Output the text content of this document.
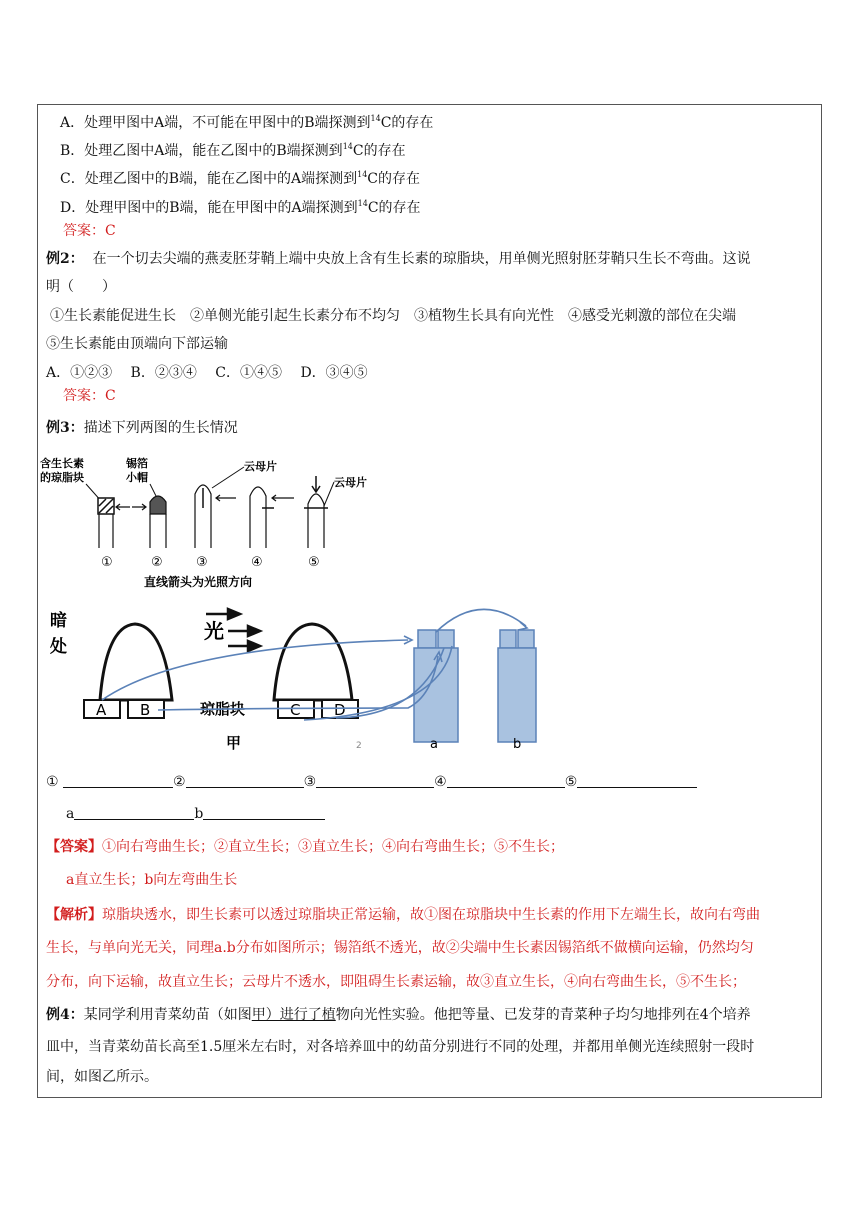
A．处理甲图中A端，不可能在甲图中的B端探测到$^{14}$C的存在
B．处理乙图中A端，能在乙图中的B端探测到$^{14}$C的存在
C．处理乙图中的B端，能在乙图中的A端探测到$^{14}$C的存在
D．处理甲图中的B端，能在甲图中的A端探测到$^{14}$C的存在
答案：C
例2： 在一个切去尖端的燕麦胚芽鞘上端中央放上含有生长素的琼脂块，用单侧光照射胚芽鞘只生长不弯曲。这说
明（　　）
①生长素能促进生长　②单侧光能引起生长素分布不均匀　③植物生长具有向光性　④感受光刺激的部位在尖端
⑤生长素能由顶端向下部运输
A．①②③　 B．②③④　 C．①④⑤　 D．③④⑤
答案：C
例3：描述下列两图的生长情况
含生长素
的琼脂块
锡箔
小帽
云母片
云母片
①	②	③	④	⑤
直线箭头为光照方向
暗
处
A B
光
C D
琼脂块
甲	2	a	b
①	②	③	④	⑤
a	b
【答案】①向右弯曲生长；②直立生长；③直立生长；④向右弯曲生长；⑤不生长；
a直立生长；b向左弯曲生长
【解析】琼脂块透水，即生长素可以透过琼脂块正常运输，故①图在琼脂块中生长素的作用下左端生长，故向右弯曲
生长，与单向光无关，同理a.b分布如图所示；锡箔纸不透光，故②尖端中生长素因锡箔纸不做横向运输，仍然均匀
分布，向下运输，故直立生长；云母片不透水，即阻碍生长素运输，故③直立生长，④向右弯曲生长，⑤不生长；
例4：某同学利用青菜幼苗（如图甲）进行了植物向光性实验。他把等量、已发芽的青菜种子均匀地排列在4个培养
皿中，当青菜幼苗长高至1.5厘米左右时，对各培养皿中的幼苗分别进行不同的处理，并都用单侧光连续照射一段时
间，如图乙所示。
